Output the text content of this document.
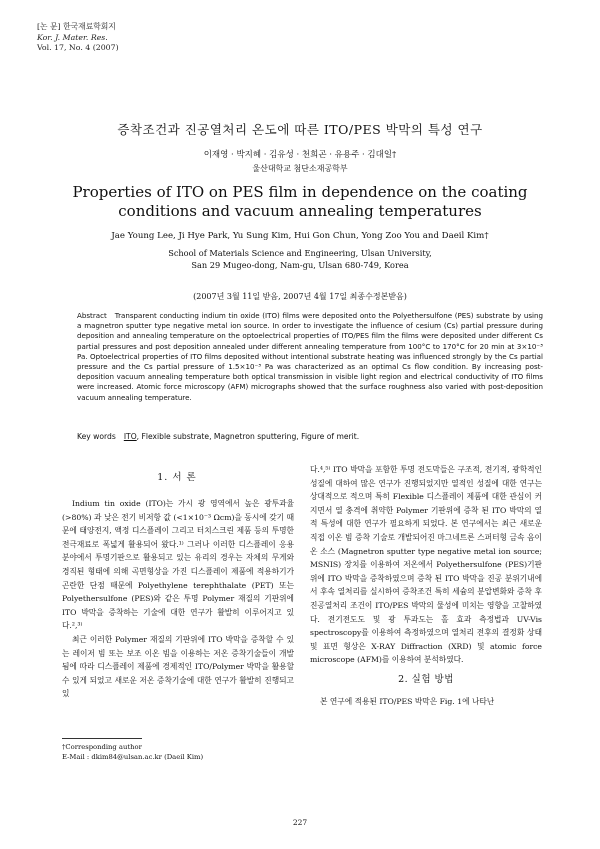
[논 문] 한국재료학회지
Kor. J. Mater. Res.
Vol. 17, No. 4 (2007)
증착조건과 진공열처리 온도에 따른 ITO/PES 박막의 특성 연구
이재영 · 박지혜 · 김유성 · 천희곤 · 유용주 · 김대일†
울산대학교 첨단소재공학부
Properties of ITO on PES film in dependence on the coating conditions and vacuum annealing temperatures
Jae Young Lee, Ji Hye Park, Yu Sung Kim, Hui Gon Chun, Yong Zoo You and Daeil Kim†
School of Materials Science and Engineering, Ulsan University,
San 29 Mugeo-dong, Nam-gu, Ulsan 680-749, Korea
(2007년 3월 11일 받음, 2007년 4월 17일 최종수정본받음)
Abstract Transparent conducting indium tin oxide (ITO) films were deposited onto the Polyethersulfone (PES) substrate by using a magnetron sputter type negative metal ion source. In order to investigate the influence of cesium (Cs) partial pressure during deposition and annealing temperature on the optoelectrical properties of ITO/PES film the films were deposited under different Cs partial pressures and post deposition annealed under different annealing temperature from 100°C to 170°C for 20 min at 3×10⁻³ Pa. Optoelectrical properties of ITO films deposited without intentional substrate heating was influenced strongly by the Cs partial pressure and the Cs partial pressure of 1.5×10⁻³ Pa was characterized as an optimal Cs flow condition. By increasing post-deposition vacuum annealing temperature both optical transmission in visible light region and electrical conductivity of ITO films were increased. Atomic force microscopy (AFM) micrographs showed that the surface roughness also varied with post-deposition vacuum annealing temperature.
Key words ITO, Flexible substrate, Magnetron sputtering, Figure of merit.
1. 서 론

Indium tin oxide (ITO)는 가시 광 영역에서 높은 광투과율 (>80%) 과 낮은 전기 비저항 값 (<1×10⁻³ Ωcm)을 동시에 갖기 때문에 태양전지, 액정 디스플레이 그리고 터치스크린 제품 등의 투명한 전극재료로 폭넓게 활용되어 왔다.¹⁾ 그러나 이러한 디스플레이 응용 분야에서 투명기판으로 활용되고 있는 유리의 경우는 자체의 무게와 경직된 형태에 의해 곡면형상을 가진 디스플레이 제품에 적용하기가 곤란한 단점 때문에 Polyethylene terephthalate (PET) 또는 Polyethersulfone (PES)와 같은 투명 Polymer 재질의 기판위에 ITO 박막을 증착하는 기술에 대한 연구가 활발히 이루어지고 있다.²,³⁾

최근 이러한 Polymer 재질의 기판위에 ITO 박막을 증착할 수 있는 레이저 빔 또는 보조 이온 빔을 이용하는 저온 증착기술들이 개발됨에 따라 디스플레이 제품에 경제적인 ITO/Polymer 박막을 활용할 수 있게 되었고 새로운 저온 증착기술에 대한 연구가 활발히 진행되고 있

다.⁴,⁵⁾ ITO 박막을 포함한 투명 전도막들은 구조적, 전기적, 광학적인 성질에 대하여 많은 연구가 진행되었지만 열적인 성질에 대한 연구는 상대적으로 적으며 특히 Flexible 디스플레이 제품에 대한 관심이 커지면서 열 충격에 취약한 Polymer 기판위에 증착 된 ITO 박막의 열적 특성에 대한 연구가 필요하게 되었다. 본 연구에서는 최근 새로운 직접 이온 빔 증착 기술로 개발되어진 마그네트론 스퍼터형 금속 음이온 소스 (Magnetron sputter type negative metal ion source; MSNIS) 장치를 이용하여 저온에서 Polyethersulfone (PES)기판위에 ITO 박막을 증착하였으며 증착 된 ITO 박막을 진공 분위기내에서 후속 열처리를 실시하여 증착조건 특히 세슘의 분압변화와 증착 후 진공열처리 조건이 ITO/PES 박막의 물성에 미치는 영향을 고찰하였다. 전기전도도 및 광 투과도는 홀 효과 측정법과 UV-Vis spectroscopy를 이용하여 측정하였으며 열처리 전후의 결정화 상태 및 표면 형상은 X-RAY Diffraction (XRD) 및 atomic force microscope (AFM)를 이용하여 분석하였다.

2. 실험 방법

본 연구에 적용된 ITO/PES 박막은 Fig. 1에 나타난

†Corresponding author
E-Mail : dkim84@ulsan.ac.kr (Daeil Kim)
227
